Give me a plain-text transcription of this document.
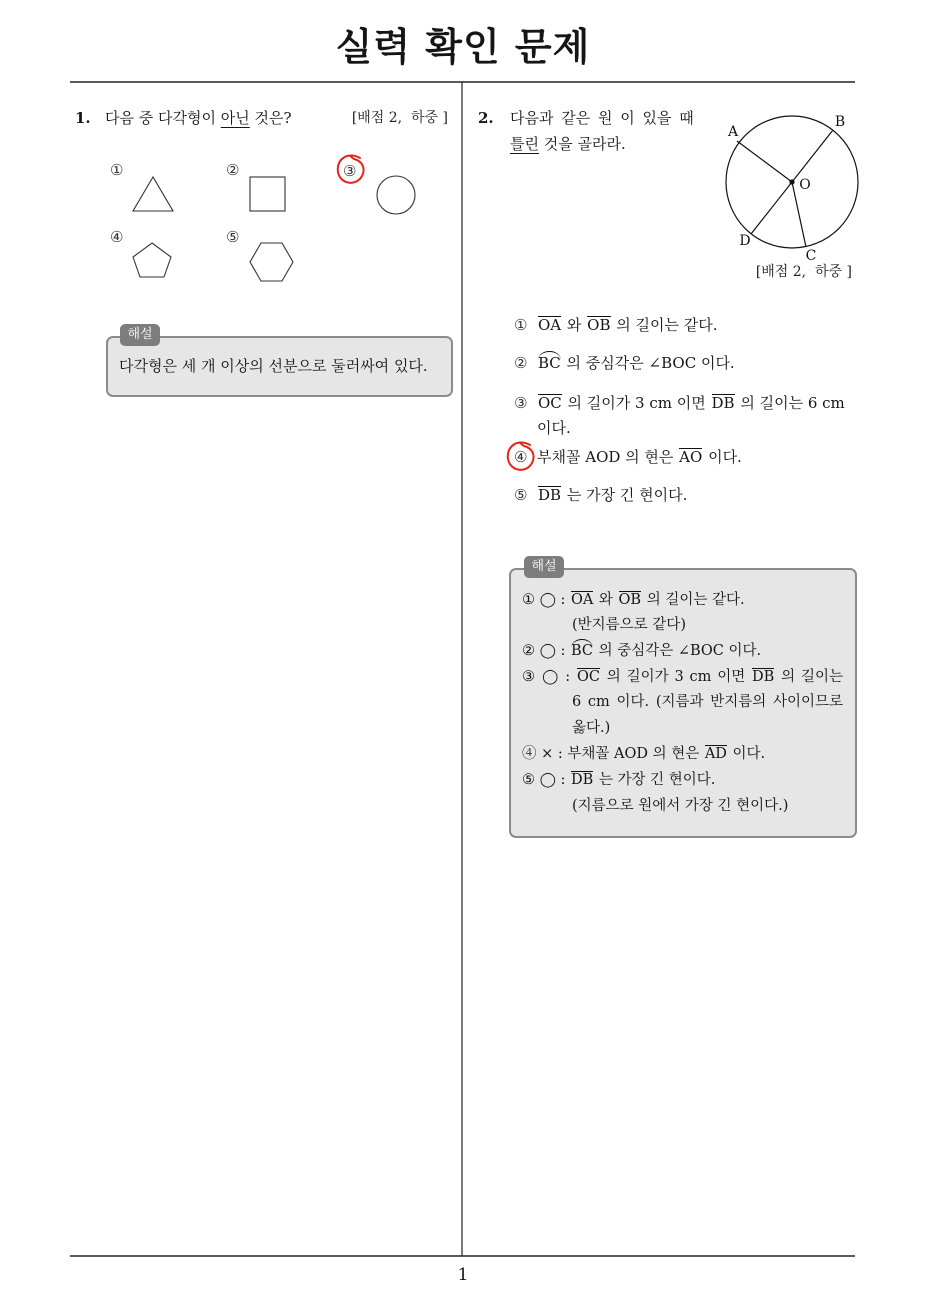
실력 확인 문제
A
B
O
D
C
1. 다음 중 다각형이 아닌 것은?	[배점 2,  하중 ]
①	②	③
④	⑤
해설
다각형은 세 개 이상의 선분으로 둘러싸여 있다.
2. 다음과 같은 원 이 있을 때
틀린 것을 골라라.
[배점 2,  하중 ]
① OA 와 OB 의 길이는 같다.
② BC 의 중심각은 ∠BOC 이다.
③ OC 의 길이가 3 cm 이면 DB 의 길이는 6 cm
이다.
④ 부채꼴 AOD 의 현은 AO 이다.
⑤ DB 는 가장 긴 현이다.
해설
① ◯ : OA 와 OB 의 길이는 같다.
(반지름으로 같다)
② ◯ : BC 의 중심각은 ∠BOC 이다.
③ ◯ : OC 의 길이가 3 cm 이면 DB 의 길이는
6 cm 이다. (지름과 반지름의 사이이므로
옳다.)
④ × : 부채꼴 AOD 의 현은 AD 이다.
⑤ ◯ : DB 는 가장 긴 현이다.
(지름으로 원에서 가장 긴 현이다.)
1
